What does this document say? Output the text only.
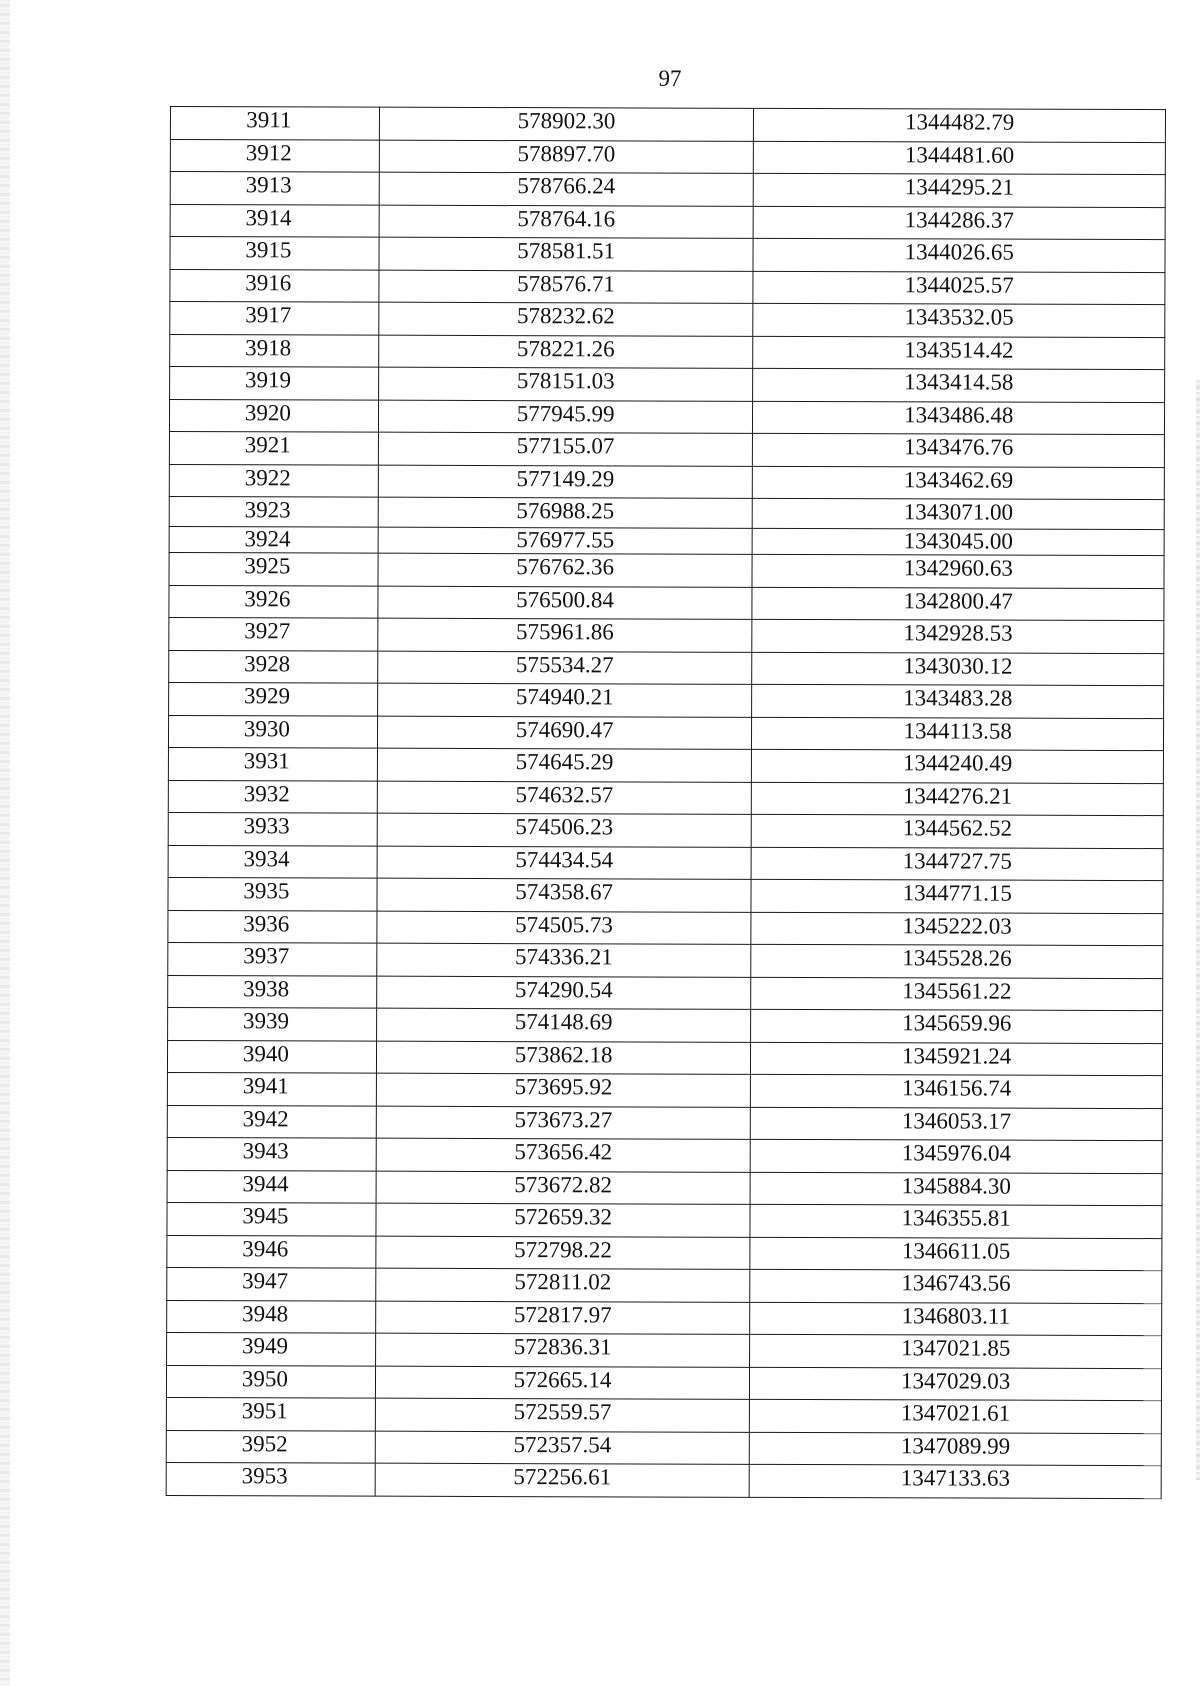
97
3911	578902.30	1344482.79
3912	578897.70	1344481.60
3913	578766.24	1344295.21
3914	578764.16	1344286.37
3915	578581.51	1344026.65
3916	578576.71	1344025.57
3917	578232.62	1343532.05
3918	578221.26	1343514.42
3919	578151.03	1343414.58
3920	577945.99	1343486.48
3921	577155.07	1343476.76
3922	577149.29	1343462.69
3923	576988.25	1343071.00
3924	576977.55	1343045.00
3925	576762.36	1342960.63
3926	576500.84	1342800.47
3927	575961.86	1342928.53
3928	575534.27	1343030.12
3929	574940.21	1343483.28
3930	574690.47	1344113.58
3931	574645.29	1344240.49
3932	574632.57	1344276.21
3933	574506.23	1344562.52
3934	574434.54	1344727.75
3935	574358.67	1344771.15
3936	574505.73	1345222.03
3937	574336.21	1345528.26
3938	574290.54	1345561.22
3939	574148.69	1345659.96
3940	573862.18	1345921.24
3941	573695.92	1346156.74
3942	573673.27	1346053.17
3943	573656.42	1345976.04
3944	573672.82	1345884.30
3945	572659.32	1346355.81
3946	572798.22	1346611.05
3947	572811.02	1346743.56
3948	572817.97	1346803.11
3949	572836.31	1347021.85
3950	572665.14	1347029.03
3951	572559.57	1347021.61
3952	572357.54	1347089.99
3953	572256.61	1347133.63
